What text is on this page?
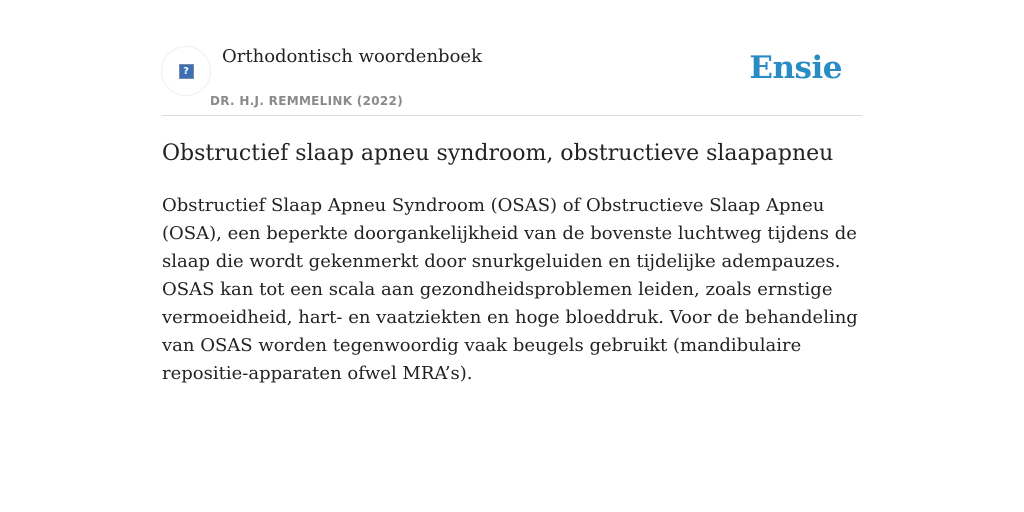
?
Orthodontisch woordenboek
DR. H.J. REMMELINK (2022)
Ensie
Obstructief slaap apneu syndroom, obstructieve slaapapneu

Obstructief Slaap Apneu Syndroom (OSAS) of Obstructieve Slaap Apneu (OSA), een beperkte doorgankelijkheid van de bovenste luchtweg tijdens de slaap die wordt gekenmerkt door snurkgeluiden en tijdelijke adempauzes. OSAS kan tot een scala aan gezondheidsproblemen leiden, zoals ernstige vermoeidheid, hart- en vaatziekten en hoge bloeddruk. Voor de behandeling van OSAS worden tegenwoordig vaak beugels gebruikt (mandibulaire repositie-apparaten ofwel MRA’s).
